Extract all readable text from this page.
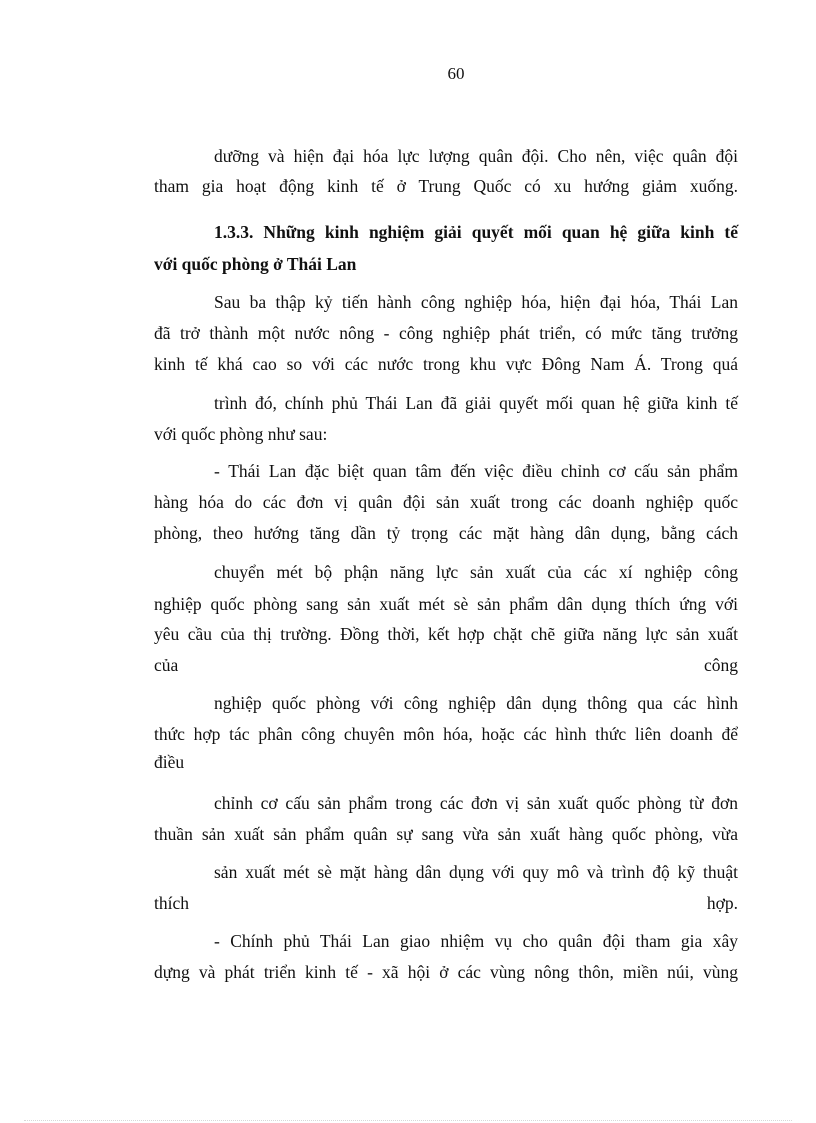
60
dưỡng và hiện đại hóa lực lượng quân đội. Cho nên, việc quân đội
tham gia hoạt động kinh tế ở Trung Quốc có xu hướng giảm xuống.
1.3.3. Những kinh nghiệm giải quyết mối quan hệ giữa kinh tế
với quốc phòng ở Thái Lan
Sau ba thập kỷ tiến hành công nghiệp hóa, hiện đại hóa, Thái Lan
đã trở thành một nước nông - công nghiệp phát triển, có mức tăng trưởng
kinh tế khá cao so với các nước trong khu vực Đông Nam Á. Trong quá
trình đó, chính phủ Thái Lan đã giải quyết mối quan hệ giữa kinh tế
với quốc phòng như sau:
- Thái Lan đặc biệt quan tâm đến việc điều chỉnh cơ cấu sản phẩm
hàng hóa do các đơn vị quân đội sản xuất trong các doanh nghiệp quốc
phòng, theo hướng tăng dần tỷ trọng các mặt hàng dân dụng, bằng cách
chuyển mét bộ phận năng lực sản xuất của các xí nghiệp công
nghiệp quốc phòng sang sản xuất mét sè sản phẩm dân dụng thích ứng với
yêu cầu của thị trường. Đồng thời, kết hợp chặt chẽ giữa năng lực sản xuất
của	công
nghiệp quốc phòng với công nghiệp dân dụng thông qua các hình
thức hợp tác phân công chuyên môn hóa, hoặc các hình thức liên doanh để
điều
chỉnh cơ cấu sản phẩm trong các đơn vị sản xuất quốc phòng từ đơn
thuần sản xuất sản phẩm quân sự sang vừa sản xuất hàng quốc phòng, vừa
sản xuất mét sè mặt hàng dân dụng với quy mô và trình độ kỹ thuật
thích	hợp.
- Chính phủ Thái Lan giao nhiệm vụ cho quân đội tham gia xây
dựng và phát triển kinh tế - xã hội ở các vùng nông thôn, miền núi, vùng
